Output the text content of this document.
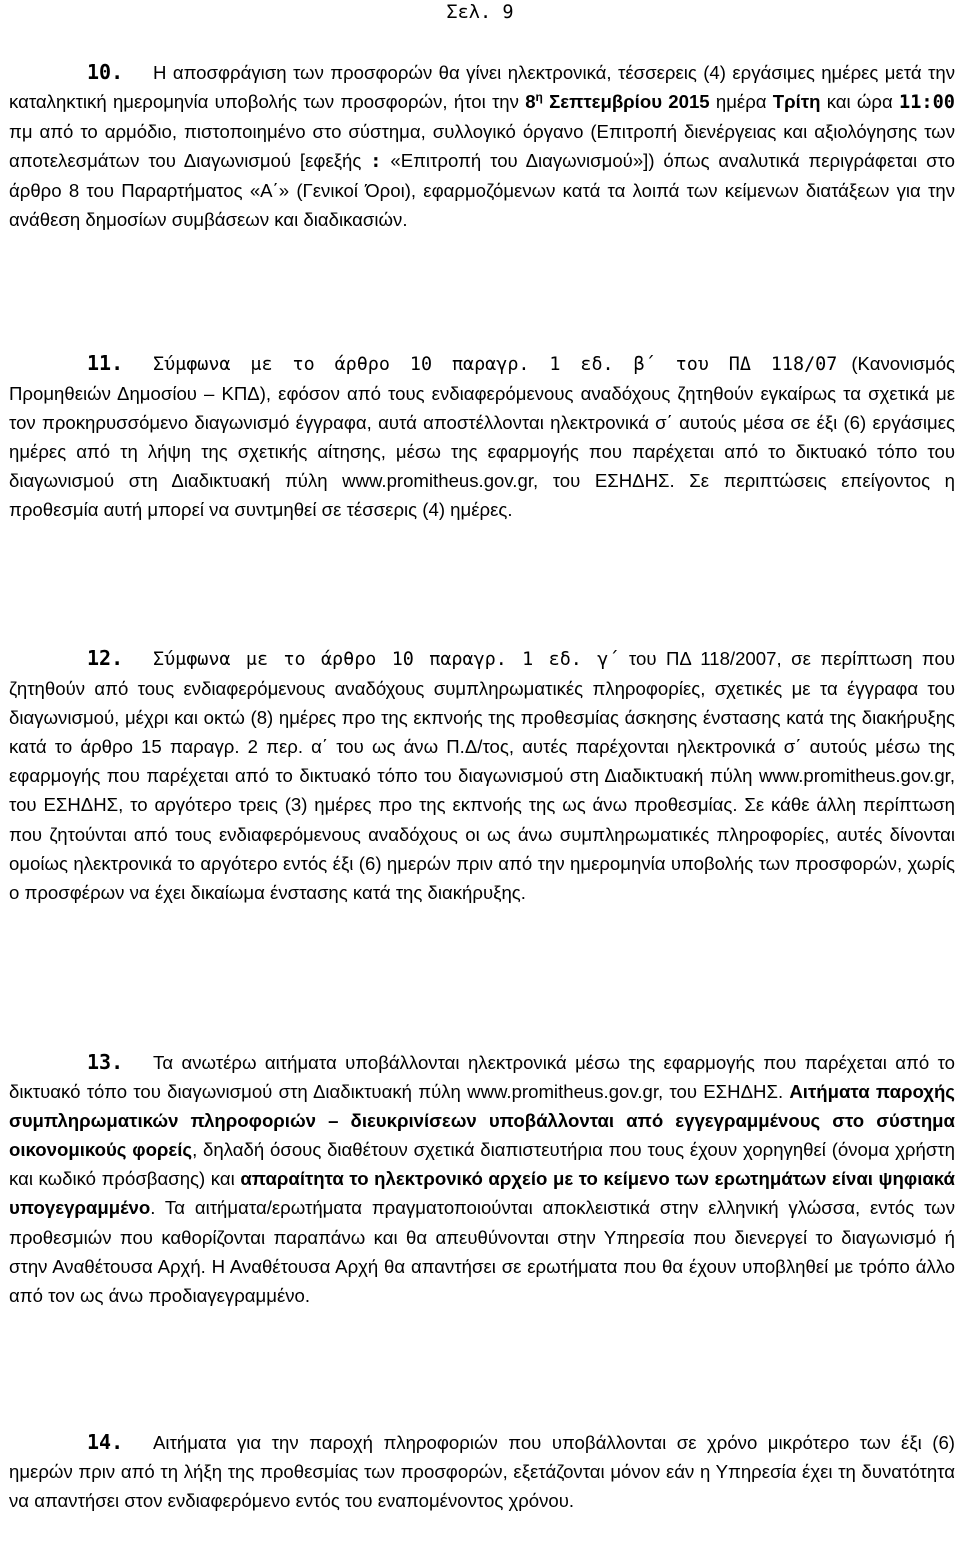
Σελ. 9

10. Η αποσφράγιση των προσφορών θα γίνει ηλεκτρονικά, τέσσερεις (4) εργάσιμες ημέρες μετά την καταληκτική ημερομηνία υποβολής των προσφορών, ήτοι την $8^\eta$ Σεπτεμβρίου 2015 ημέρα Τρίτη και ώρα 11:00 πμ από το αρμόδιο, πιστοποιημένο στο σύστημα, συλλογικό όργανο (Επιτροπή διενέργειας και αξιολόγησης των αποτελεσμάτων του Διαγωνισμού [εφεξής : «Επιτροπή του Διαγωνισμού»]) όπως αναλυτικά περιγράφεται στο άρθρο 8 του Παραρτήματος «Α΄» (Γενικοί Όροι), εφαρμοζόμενων κατά τα λοιπά των κείμενων διατάξεων για την ανάθεση δημοσίων συμβάσεων και διαδικασιών.

11. Σύμφωνα με το άρθρο 10 παραγρ. 1 εδ. β΄ του ΠΔ 118/07 (Κανονισμός Προμηθειών Δημοσίου – ΚΠΔ), εφόσον από τους ενδιαφερόμενους αναδόχους ζητηθούν εγκαίρως τα σχετικά με τον προκηρυσσόμενο διαγωνισμό έγγραφα, αυτά αποστέλλονται ηλεκτρονικά σ΄ αυτούς μέσα σε έξι (6) εργάσιμες ημέρες από τη λήψη της σχετικής αίτησης, μέσω της εφαρμογής που παρέχεται από το δικτυακό τόπο του διαγωνισμού στη Διαδικτυακή πύλη www.promitheus.gov.gr, του ΕΣΗΔΗΣ. Σε περιπτώσεις επείγοντος η προθεσμία αυτή μπορεί να συντμηθεί σε τέσσερις (4) ημέρες.

12. Σύμφωνα με το άρθρο 10 παραγρ. 1 εδ. γ΄ του ΠΔ 118/2007, σε περίπτωση που ζητηθούν από τους ενδιαφερόμενους αναδόχους συμπληρωματικές πληροφορίες, σχετικές με τα έγγραφα του διαγωνισμού, μέχρι και οκτώ (8) ημέρες προ της εκπνοής της προθεσμίας άσκησης ένστασης κατά της διακήρυξης κατά το άρθρο 15 παραγρ. 2 περ. α΄ του ως άνω Π.Δ/τος, αυτές παρέχονται ηλεκτρονικά σ΄ αυτούς μέσω της εφαρμογής που παρέχεται από το δικτυακό τόπο του διαγωνισμού στη Διαδικτυακή πύλη www.promitheus.gov.gr, του ΕΣΗΔΗΣ, το αργότερο τρεις (3) ημέρες προ της εκπνοής της ως άνω προθεσμίας. Σε κάθε άλλη περίπτωση που ζητούνται από τους ενδιαφερόμενους αναδόχους οι ως άνω συμπληρωματικές πληροφορίες, αυτές δίνονται ομοίως ηλεκτρονικά το αργότερο εντός έξι (6) ημερών πριν από την ημερομηνία υποβολής των προσφορών, χωρίς ο προσφέρων να έχει δικαίωμα ένστασης κατά της διακήρυξης.

13. Τα ανωτέρω αιτήματα υποβάλλονται ηλεκτρονικά μέσω της εφαρμογής που παρέχεται από το δικτυακό τόπο του διαγωνισμού στη Διαδικτυακή πύλη www.promitheus.gov.gr, του ΕΣΗΔΗΣ. Αιτήματα παροχής συμπληρωματικών πληροφοριών – διευκρινίσεων υποβάλλονται από εγγεγραμμένους στο σύστημα οικονομικούς φορείς, δηλαδή όσους διαθέτουν σχετικά διαπιστευτήρια που τους έχουν χορηγηθεί (όνομα χρήστη και κωδικό πρόσβασης) και απαραίτητα το ηλεκτρονικό αρχείο με το κείμενο των ερωτημάτων είναι ψηφιακά υπογεγραμμένο. Τα αιτήματα/ερωτήματα πραγματοποιούνται αποκλειστικά στην ελληνική γλώσσα, εντός των προθεσμιών που καθορίζονται παραπάνω και θα απευθύνονται στην Υπηρεσία που διενεργεί το διαγωνισμό ή στην Αναθέτουσα Αρχή. Η Αναθέτουσα Αρχή θα απαντήσει σε ερωτήματα που θα έχουν υποβληθεί με τρόπο άλλο από τον ως άνω προδιαγεγραμμένο.

14. Αιτήματα για την παροχή πληροφοριών που υποβάλλονται σε χρόνο μικρότερο των έξι (6) ημερών πριν από τη λήξη της προθεσμίας των προσφορών, εξετάζονται μόνον εάν η Υπηρεσία έχει τη δυνατότητα να απαντήσει στον ενδιαφερόμενο εντός του εναπομένοντος χρόνου.
